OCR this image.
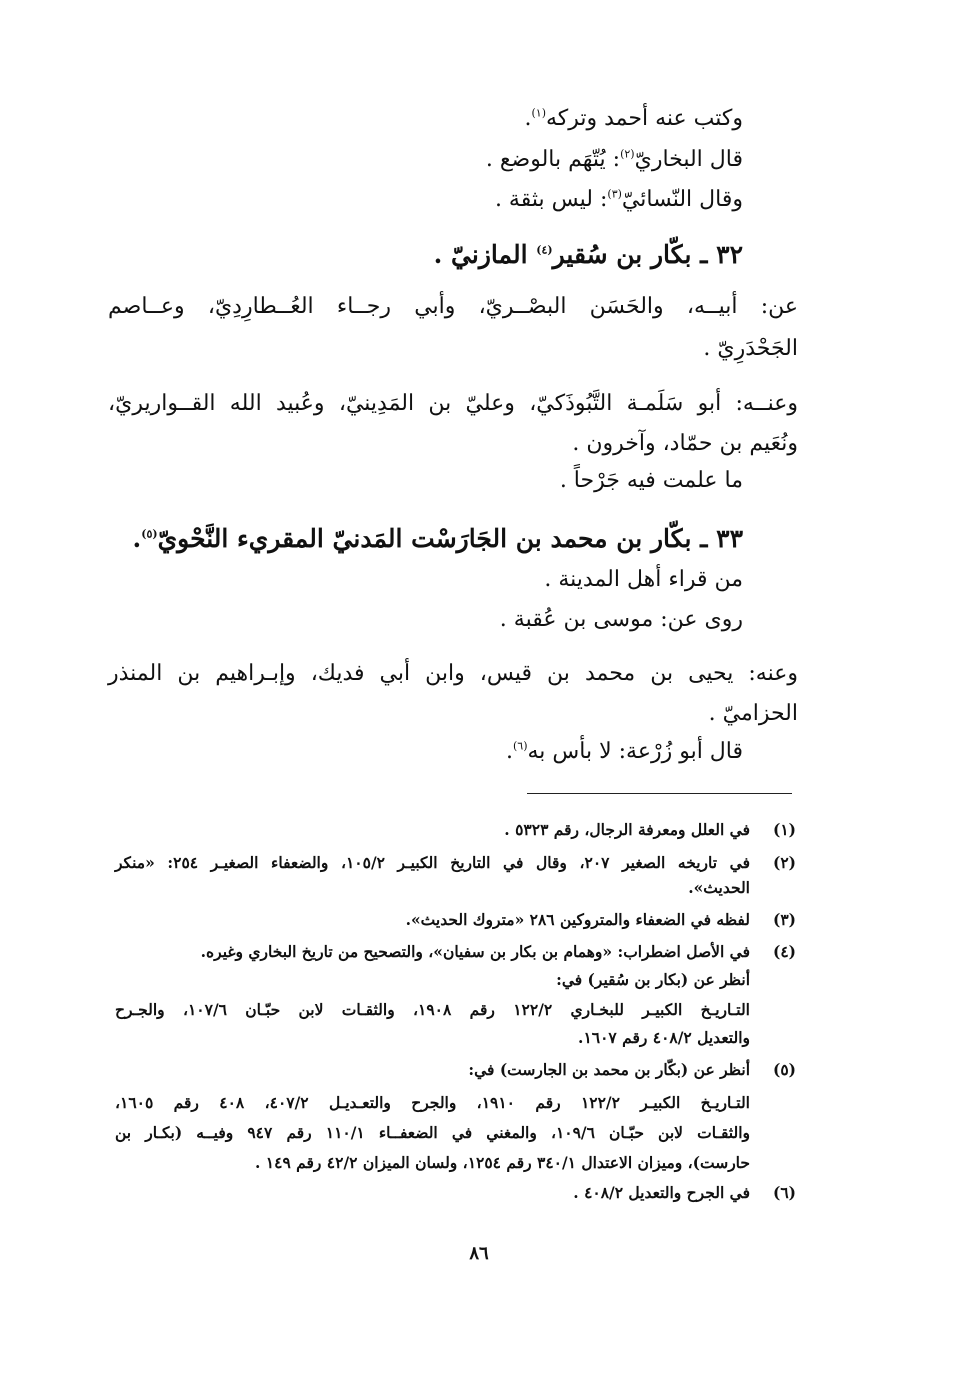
وكتب عنه أحمد وتركه$^{(١)}$.
قال البخاريّ$^{(٢)}$: يُتّهَم بالوضع .
وقال النّسائيّ$^{(٣)}$: ليس بثقة .
٣٢ ـ بكّار بن سُقير$^{(٤)}$ المازنيّ .
عن: أبيــه، والحَسَن البصْــريّ، وأبي رجــاء العُــطارِدِيّ، وعــاصم
الجَحْدَرِيّ .
وعنــه: أبو سَلَمـة التَّبُوذَكيّ، وعليّ بن المَدِينيّ، وعُبيد الله القــواريريّ،
ونُعَيم بن حمّاد، وآخرون .
ما علمت فيه جَرْحاً .
٣٣ ـ بكّار بن محمد بن الجَارَسْت المَدنيّ المقريء النَّحْويّ$^{(٥)}$.
من قراء أهل المدينة .
روى عن: موسى بن عُقبة .
وعنه: يحيى بن محمد بن قيس، وابن أبي فديك، وإبـراهيم بن المنذر
الحزاميّ .
قال أبو زُرْعة: لا بأس به$^{(٦)}$.
(١)
في العلل ومعرفة الرجال، رقم ٥٣٢٣ .
(٢)
في تاريخه الصغير ٢٠٧، وقال في التاريخ الكبيـر ١٠٥/٢، والضعفاء الصغيـر ٢٥٤: «منكر
الحديث».
(٣)
لفظه في الضعفاء والمتروكين ٢٨٦ «متروك الحديث».
(٤)
في الأصل اضطراب: «وهمام بن بكار بن سفيان»، والتصحيح من تاريخ البخاري وغيره.
أنظر عن (بكار بن سُقير) في:
التـاريـخ الكبيـر للبخـاري ١٢٢/٢ رقم ١٩٠٨، والثقـات لابن حبّـان ١٠٧/٦، والجـرح
والتعديل ٤٠٨/٢ رقم ١٦٠٧.
(٥)
أنظر عن (بكّار بن محمد بن الجارست) في:
التـاريـخ الكبيـر ١٢٢/٢ رقم ١٩١٠، والجرح والتعـديـل ٤٠٧/٢، ٤٠٨ رقم ١٦٠٥،
والثقـات لابن حبّـان ١٠٩/٦، والمغني في الضعفــاء ١١٠/١ رقم ٩٤٧ وفيــه (بكـار بن
حارست)، وميزان الاعتدال ٣٤٠/١ رقم ١٢٥٤، ولسان الميزان ٤٢/٢ رقم ١٤٩ .
(٦)
في الجرح والتعديل ٤٠٨/٢ .
٨٦
